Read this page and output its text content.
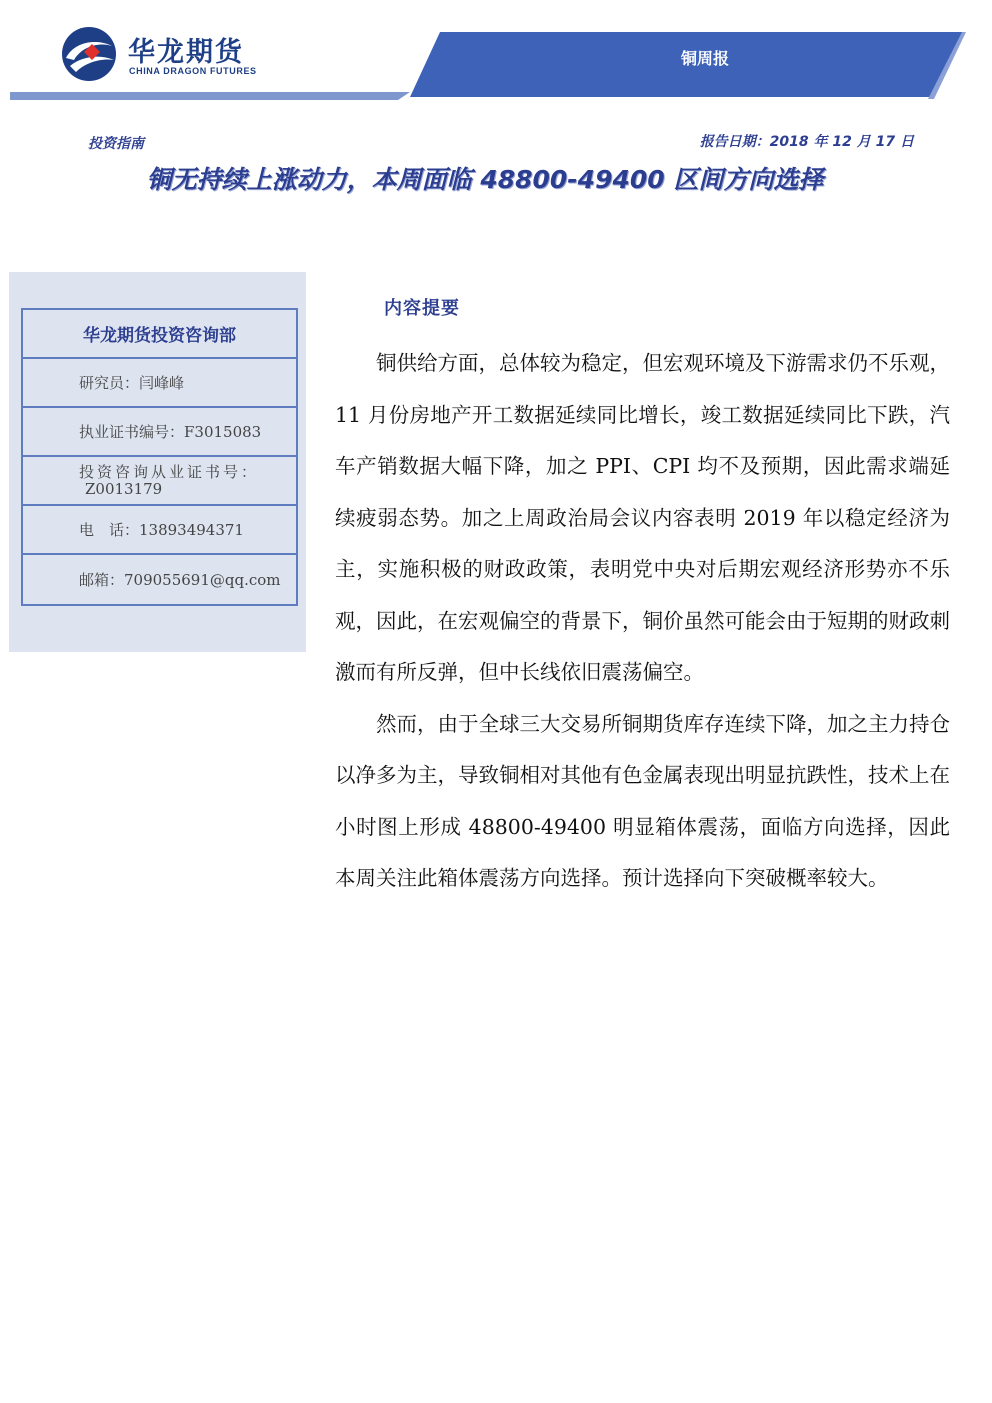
华龙期货
CHINA DRAGON FUTURES
铜周报
投资指南	报告日期：2018 年 12 月 17 日
铜无持续上涨动力，本周面临 48800-49400 区间方向选择
华龙期货投资咨询部
研究员：闫峰峰
执业证书编号：F3015083
投资咨询从业证书号：
Z0013179
电　话：13893494371
邮箱：709055691@qq.com
内容提要

铜供给方面，总体较为稳定，但宏观环境及下游需求仍不乐观，11 月份房地产开工数据延续同比增长，竣工数据延续同比下跌，汽车产销数据大幅下降，加之 PPI、CPI 均不及预期，因此需求端延续疲弱态势。加之上周政治局会议内容表明 2019 年以稳定经济为主，实施积极的财政政策，表明党中央对后期宏观经济形势亦不乐观，因此，在宏观偏空的背景下，铜价虽然可能会由于短期的财政刺激而有所反弹，但中长线依旧震荡偏空。

然而，由于全球三大交易所铜期货库存连续下降，加之主力持仓以净多为主，导致铜相对其他有色金属表现出明显抗跌性，技术上在小时图上形成 48800-49400 明显箱体震荡，面临方向选择，因此本周关注此箱体震荡方向选择。预计选择向下突破概率较大。
